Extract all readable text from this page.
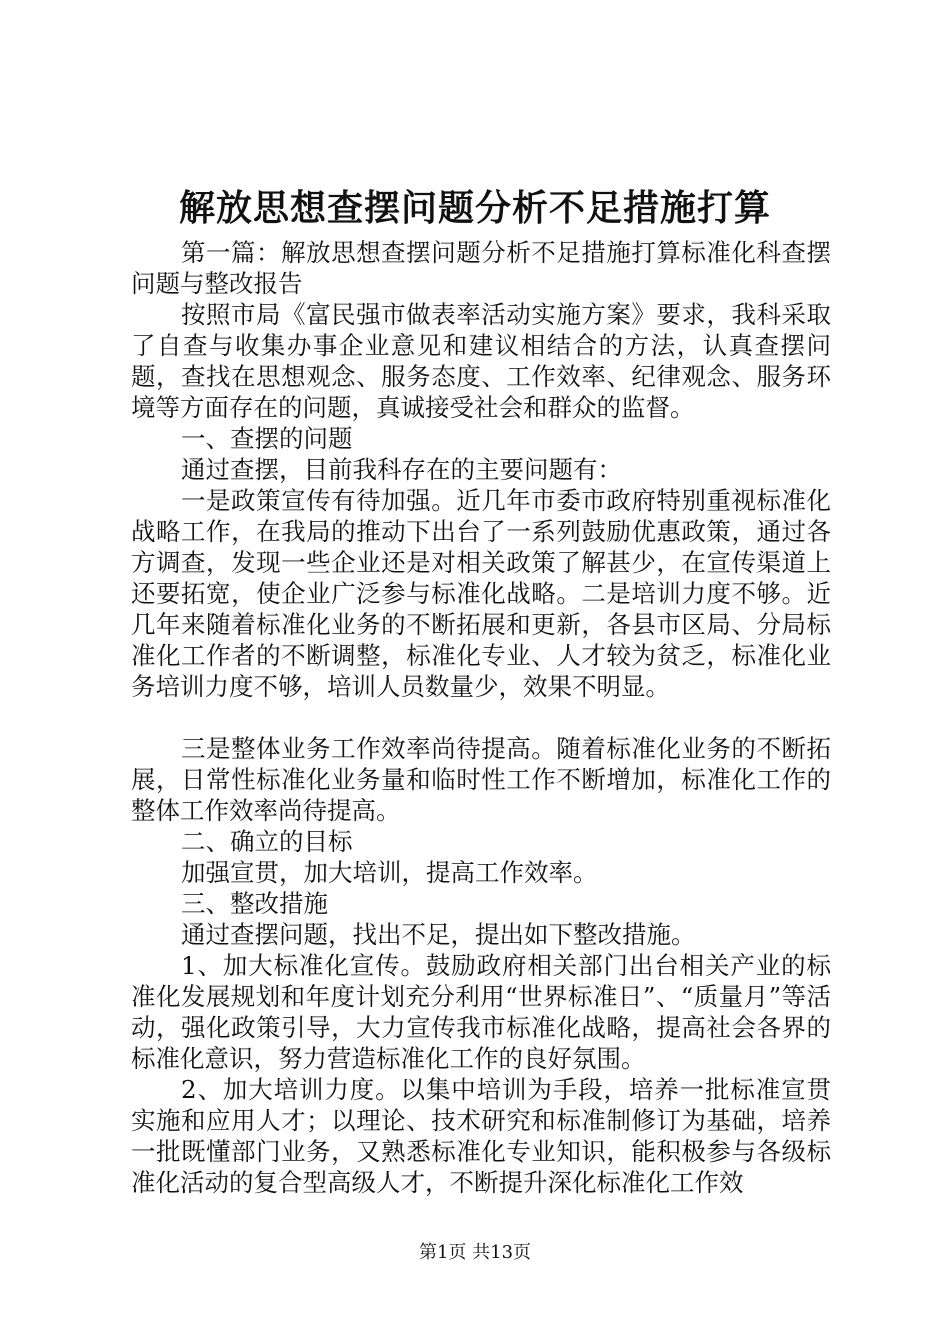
解放思想查摆问题分析不足措施打算

第一篇：解放思想查摆问题分析不足措施打算标准化科查摆问题与整改报告

按照市局《富民强市做表率活动实施方案》要求，我科采取了自查与收集办事企业意见和建议相结合的方法，认真查摆问题，查找在思想观念、服务态度、工作效率、纪律观念、服务环境等方面存在的问题，真诚接受社会和群众的监督。

一、查摆的问题

通过查摆，目前我科存在的主要问题有：

一是政策宣传有待加强。近几年市委市政府特别重视标准化战略工作，在我局的推动下出台了一系列鼓励优惠政策，通过各方调查，发现一些企业还是对相关政策了解甚少，在宣传渠道上还要拓宽，使企业广泛参与标准化战略。二是培训力度不够。近几年来随着标准化业务的不断拓展和更新，各县市区局、分局标准化工作者的不断调整，标准化专业、人才较为贫乏，标准化业务培训力度不够，培训人员数量少，效果不明显。

三是整体业务工作效率尚待提高。随着标准化业务的不断拓展，日常性标准化业务量和临时性工作不断增加，标准化工作的整体工作效率尚待提高。

二、确立的目标

加强宣贯，加大培训，提高工作效率。

三、整改措施

通过查摆问题，找出不足，提出如下整改措施。

1、加大标准化宣传。鼓励政府相关部门出台相关产业的标准化发展规划和年度计划充分利用“世界标准日”、“质量月”等活动，强化政策引导，大力宣传我市标准化战略，提高社会各界的标准化意识，努力营造标准化工作的良好氛围。

2、加大培训力度。以集中培训为手段，培养一批标准宣贯实施和应用人才；以理论、技术研究和标准制修订为基础，培养一批既懂部门业务，又熟悉标准化专业知识，能积极参与各级标准化活动的复合型高级人才，不断提升深化标准化工作效

第1页 共13页
